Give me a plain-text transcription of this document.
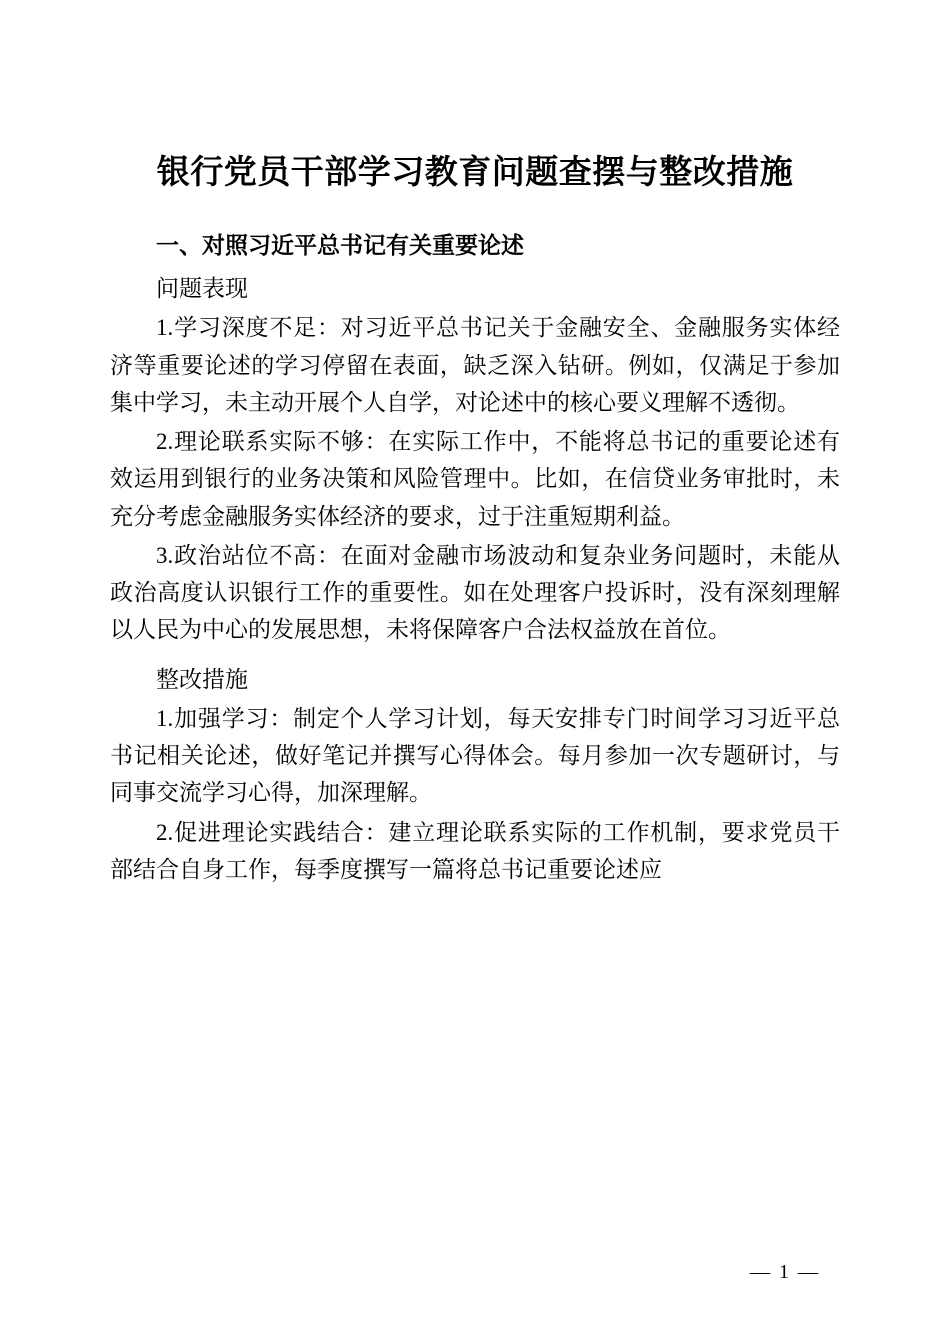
银行党员干部学习教育问题查摆与整改措施
一、对照习近平总书记有关重要论述
问题表现

1.学习深度不足：对习近平总书记关于金融安全、金融服务实体经济等重要论述的学习停留在表面，缺乏深入钻研。例如，仅满足于参加集中学习，未主动开展个人自学，对论述中的核心要义理解不透彻。

2.理论联系实际不够：在实际工作中，不能将总书记的重要论述有效运用到银行的业务决策和风险管理中。比如，在信贷业务审批时，未充分考虑金融服务实体经济的要求，过于注重短期利益。

3.政治站位不高：在面对金融市场波动和复杂业务问题时，未能从政治高度认识银行工作的重要性。如在处理客户投诉时，没有深刻理解以人民为中心的发展思想，未将保障客户合法权益放在首位。

整改措施

1.加强学习：制定个人学习计划，每天安排专门时间学习习近平总书记相关论述，做好笔记并撰写心得体会。每月参加一次专题研讨，与同事交流学习心得，加深理解。

2.促进理论实践结合：建立理论联系实际的工作机制，要求党员干部结合自身工作，每季度撰写一篇将总书记重要论述应

— 1 —
